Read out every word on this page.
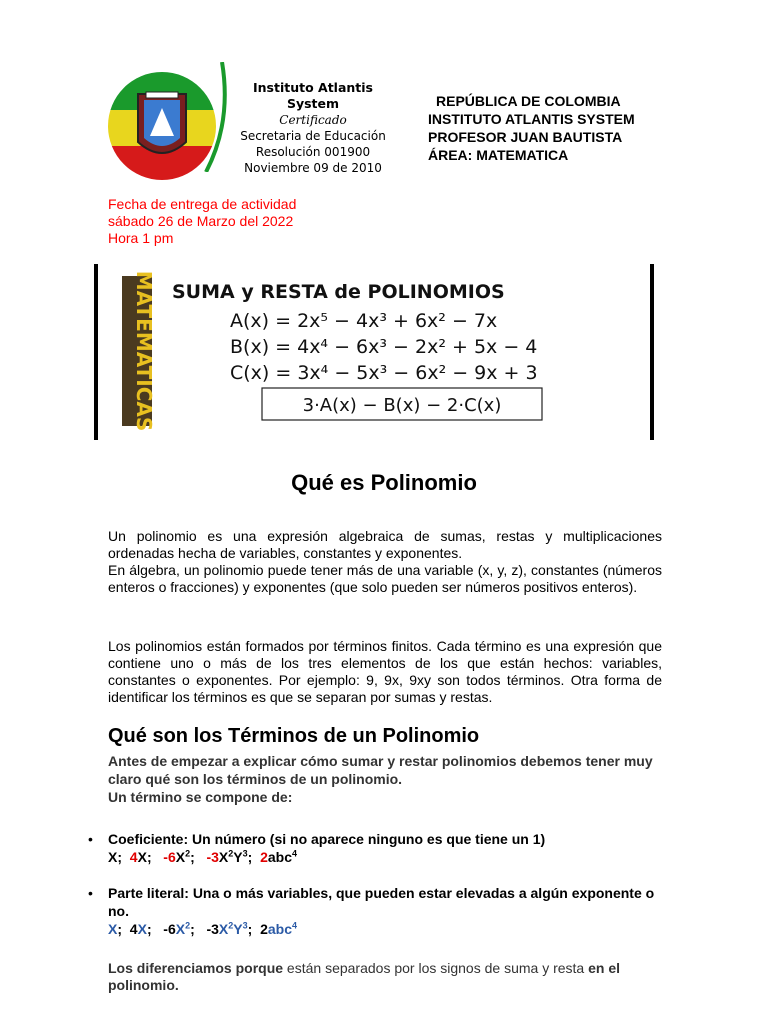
Instituto Atlantis System
Certificado
Secretaria de Educación
Resolución 001900
Noviembre 09 de 2010
REPÚBLICA DE COLOMBIA
INSTITUTO ATLANTIS SYSTEM
PROFESOR JUAN BAUTISTA
ÁREA: MATEMATICA
Fecha de entrega de actividad
sábado 26 de Marzo del 2022
Hora 1 pm
MATEMATICAS SUMA y RESTA de POLINOMIOS
A(x) = 2x⁵ − 4x³ + 6x² − 7x
B(x) = 4x⁴ − 6x³ − 2x² + 5x − 4
C(x) = 3x⁴ − 5x³ − 6x² − 9x + 3
3·A(x) − B(x) − 2·C(x)
Qué es Polinomio
Un polinomio es una expresión algebraica de sumas, restas y multiplicaciones ordenadas hecha de variables, constantes y exponentes.
En álgebra, un polinomio puede tener más de una variable (x, y, z), constantes (números enteros o fracciones) y exponentes (que solo pueden ser números positivos enteros).
Los polinomios están formados por términos finitos. Cada término es una expresión que contiene uno o más de los tres elementos de los que están hechos: variables, constantes o exponentes. Por ejemplo: 9, 9x, 9xy son todos términos. Otra forma de identificar los términos es que se separan por sumas y restas.
Qué son los Términos de un Polinomio
Antes de empezar a explicar cómo sumar y restar polinomios debemos tener muy claro qué son los términos de un polinomio.
Un término se compone de:
•	Coeficiente: Un número (si no aparece ninguno es que tiene un 1)
X; 4X; $-6X^2$; $-3X^2Y^3$; 2abc$^4$
•	Parte literal: Una o más variables, que pueden estar elevadas a algún exponente o no.
X; 4X; $-6X^2$; $-3X^2Y^3$; 2abc$^4$
Los diferenciamos porque están separados por los signos de suma y resta en el polinomio.
